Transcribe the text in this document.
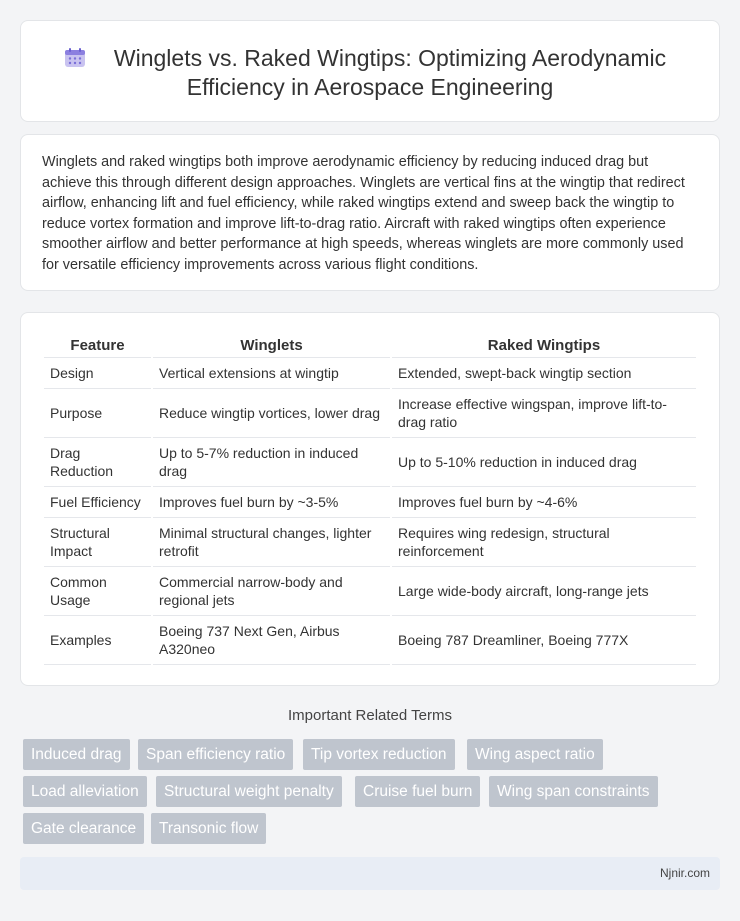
Winglets vs. Raked Wingtips: Optimizing Aerodynamic
Efficiency in Aerospace Engineering

Winglets and raked wingtips both improve aerodynamic efficiency by reducing induced drag but achieve this through different design approaches. Winglets are vertical fins at the wingtip that redirect airflow, enhancing lift and fuel efficiency, while raked wingtips extend and sweep back the wingtip to reduce vortex formation and improve lift-to-drag ratio. Aircraft with raked wingtips often experience smoother airflow and better performance at high speeds, whereas winglets are more commonly used for versatile efficiency improvements across various flight conditions.

Feature	Winglets	Raked Wingtips
Design	Vertical extensions at wingtip	Extended, swept-back wingtip section
Purpose	Reduce wingtip vortices, lower drag	Increase effective wingspan, improve lift-to-drag ratio
Drag Reduction	Up to 5-7% reduction in induced drag	Up to 5-10% reduction in induced drag
Fuel Efficiency	Improves fuel burn by ~3-5%	Improves fuel burn by ~4-6%
Structural Impact	Minimal structural changes, lighter retrofit	Requires wing redesign, structural reinforcement
Common Usage	Commercial narrow-body and regional jets	Large wide-body aircraft, long-range jets
Examples	Boeing 737 Next Gen, Airbus A320neo	Boeing 787 Dreamliner, Boeing 777X
Important Related Terms
Induced drag	Span efficiency ratio	Tip vortex reduction	Wing aspect ratio
Load alleviation	Structural weight penalty	Cruise fuel burn	Wing span constraints
Gate clearance	Transonic flow
Njnir.com
